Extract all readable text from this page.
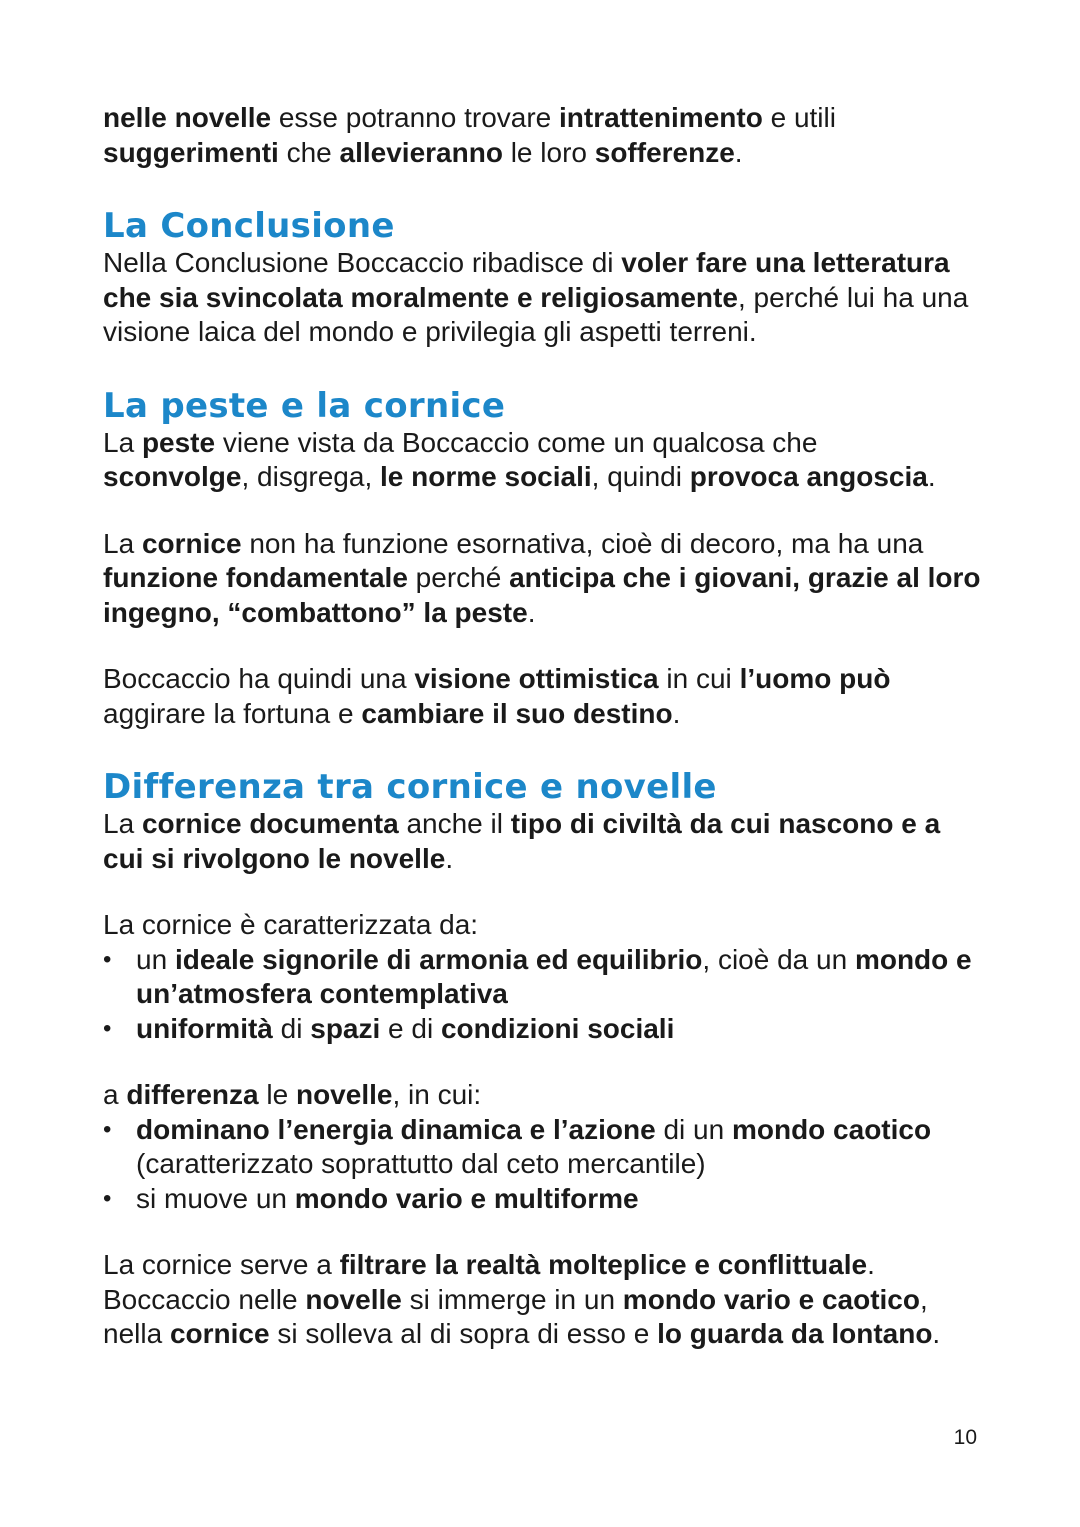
nelle novelle esse potranno trovare intrattenimento e utili
suggerimenti che allevieranno le loro sofferenze.

La Conclusione

Nella Conclusione Boccaccio ribadisce di voler fare una letteratura che sia svincolata moralmente e religiosamente, perché lui ha una visione laica del mondo e privilegia gli aspetti terreni.

La peste e la cornice

La peste viene vista da Boccaccio come un qualcosa che
sconvolge, disgrega, le norme sociali, quindi provoca angoscia.

La cornice non ha funzione esornativa, cioè di decoro, ma ha una funzione fondamentale perché anticipa che i giovani, grazie al loro ingegno, “combattono” la peste.

Boccaccio ha quindi una visione ottimistica in cui l’uomo può
aggirare la fortuna e cambiare il suo destino.

Differenza tra cornice e novelle

La cornice documenta anche il tipo di civiltà da cui nascono e a cui si rivolgono le novelle.

La cornice è caratterizzata da:

• un ideale signorile di armonia ed equilibrio, cioè da un mondo e un’atmosfera contemplativa
• uniformità di spazi e di condizioni sociali

a differenza le novelle, in cui:

• dominano l’energia dinamica e l’azione di un mondo caotico (caratterizzato soprattutto dal ceto mercantile)
• si muove un mondo vario e multiforme

La cornice serve a filtrare la realtà molteplice e conflittuale.
Boccaccio nelle novelle si immerge in un mondo vario e caotico, nella cornice si solleva al di sopra di esso e lo guarda da lontano.

10
